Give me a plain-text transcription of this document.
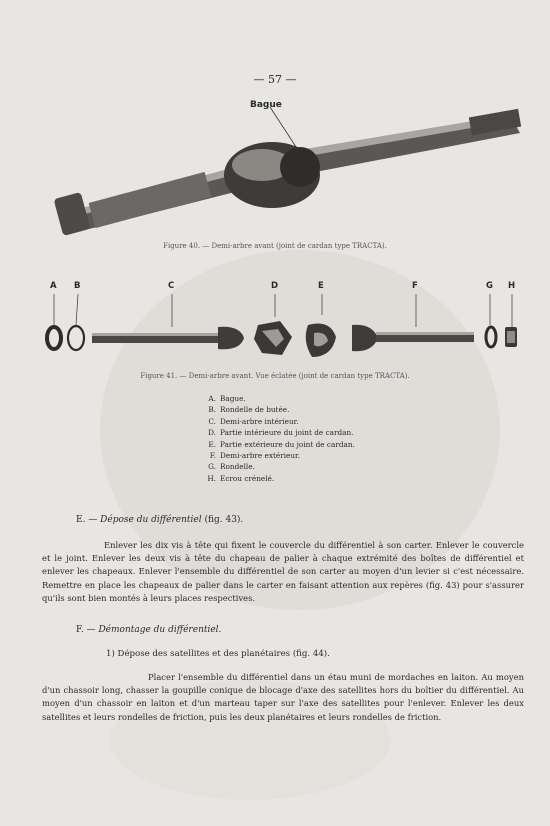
— 57 —
Bague
Figure 40. — Demi-arbre avant (joint de cardan type TRACTA).
A B	C	D	E	F	G H
Figure 41. — Demi-arbre avant. Vue éclatée (joint de cardan type TRACTA).
A. Bague.
B. Rondelle de butée.
C. Demi-arbre intérieur.
D. Partie intérieure du joint de cardan.
E. Partie extérieure du joint de cardan.
F. Demi-arbre extérieur.
G. Rondelle.
H. Ecrou crénelé.
E. — Dépose du différentiel (fig. 43).
Enlever les dix vis à tête qui fixent le couvercle du différentiel à son carter. Enlever le couvercle et le joint. Enlever les deux vis à tête du chapeau de palier à chaque extrémité des boîtes de différentiel et enlever les chapeaux. Enlever l'ensemble du différentiel de son carter au moyen d'un levier si c'est nécessaire. Remettre en place les chapeaux de palier dans le carter en faisant attention aux repères (fig. 43) pour s'assurer qu'ils sont bien montés à leurs places respectives.
F. — Démontage du différentiel.
1) Dépose des satellites et des planétaires (fig. 44).
Placer l'ensemble du différentiel dans un étau muni de mordaches en laiton. Au moyen d'un chassoir long, chasser la goupille conique de blocage d'axe des satellites hors du boîtier du différentiel. Au moyen d'un chassoir en laiton et d'un marteau taper sur l'axe des satellites pour l'enlever. Enlever les deux satellites et leurs rondelles de friction, puis les deux planétaires et leurs rondelles de friction.
